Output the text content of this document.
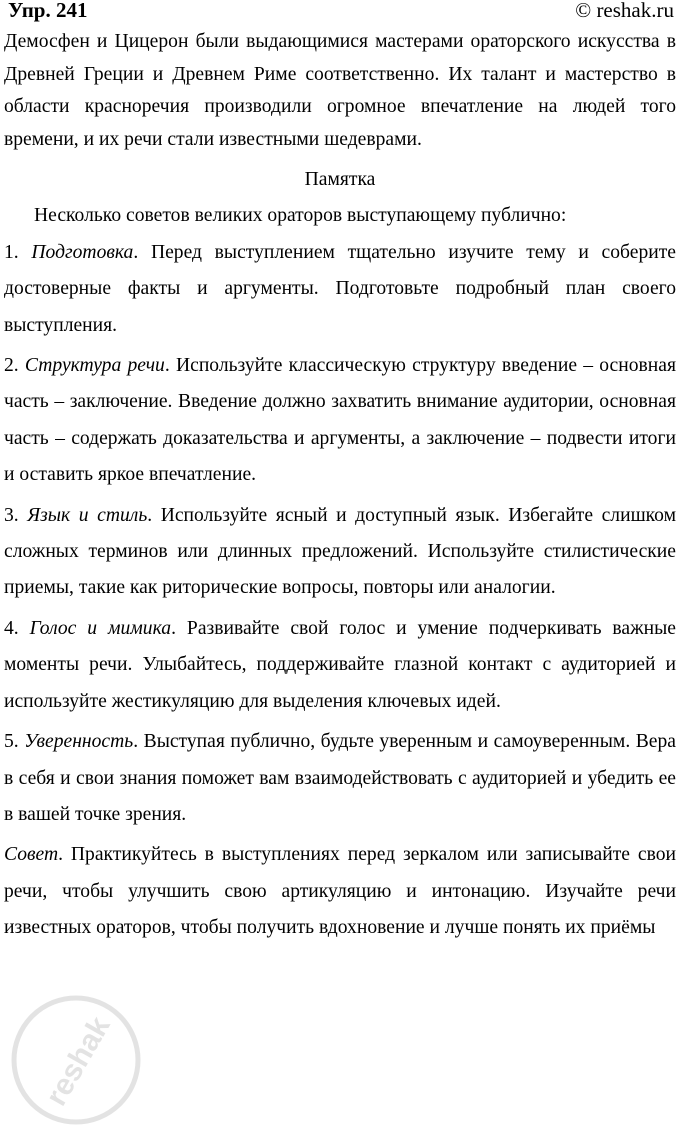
Упр. 241	© reshak.ru

Демосфен и Цицерон были выдающимися мастерами ораторского искусства в Древней Греции и Древнем Риме соответственно. Их талант и мастерство в области красноречия производили огромное впечатление на людей того времени, и их речи стали известными шедеврами.

Памятка

Несколько советов великих ораторов выступающему публично:

1. Подготовка. Перед выступлением тщательно изучите тему и соберите достоверные факты и аргументы. Подготовьте подробный план своего выступления.

2. Структура речи. Используйте классическую структуру введение – основная часть – заключение. Введение должно захватить внимание аудитории, основная часть – содержать доказательства и аргументы, а заключение – подвести итоги и оставить яркое впечатление.

3. Язык и стиль. Используйте ясный и доступный язык. Избегайте слишком сложных терминов или длинных предложений. Используйте стилистические приемы, такие как риторические вопросы, повторы или аналогии.

4. Голос и мимика. Развивайте свой голос и умение подчеркивать важные моменты речи. Улыбайтесь, поддерживайте глазной контакт с аудиторией и используйте жестикуляцию для выделения ключевых идей.

5. Уверенность. Выступая публично, будьте уверенным и самоуверенным. Вера в себя и свои знания поможет вам взаимодействовать с аудиторией и убедить ее в вашей точке зрения.

Совет. Практикуйтесь в выступлениях перед зеркалом или записывайте свои речи, чтобы улучшить свою артикуляцию и интонацию. Изучайте речи известных ораторов, чтобы получить вдохновение и лучше понять их приёмы

reshak
